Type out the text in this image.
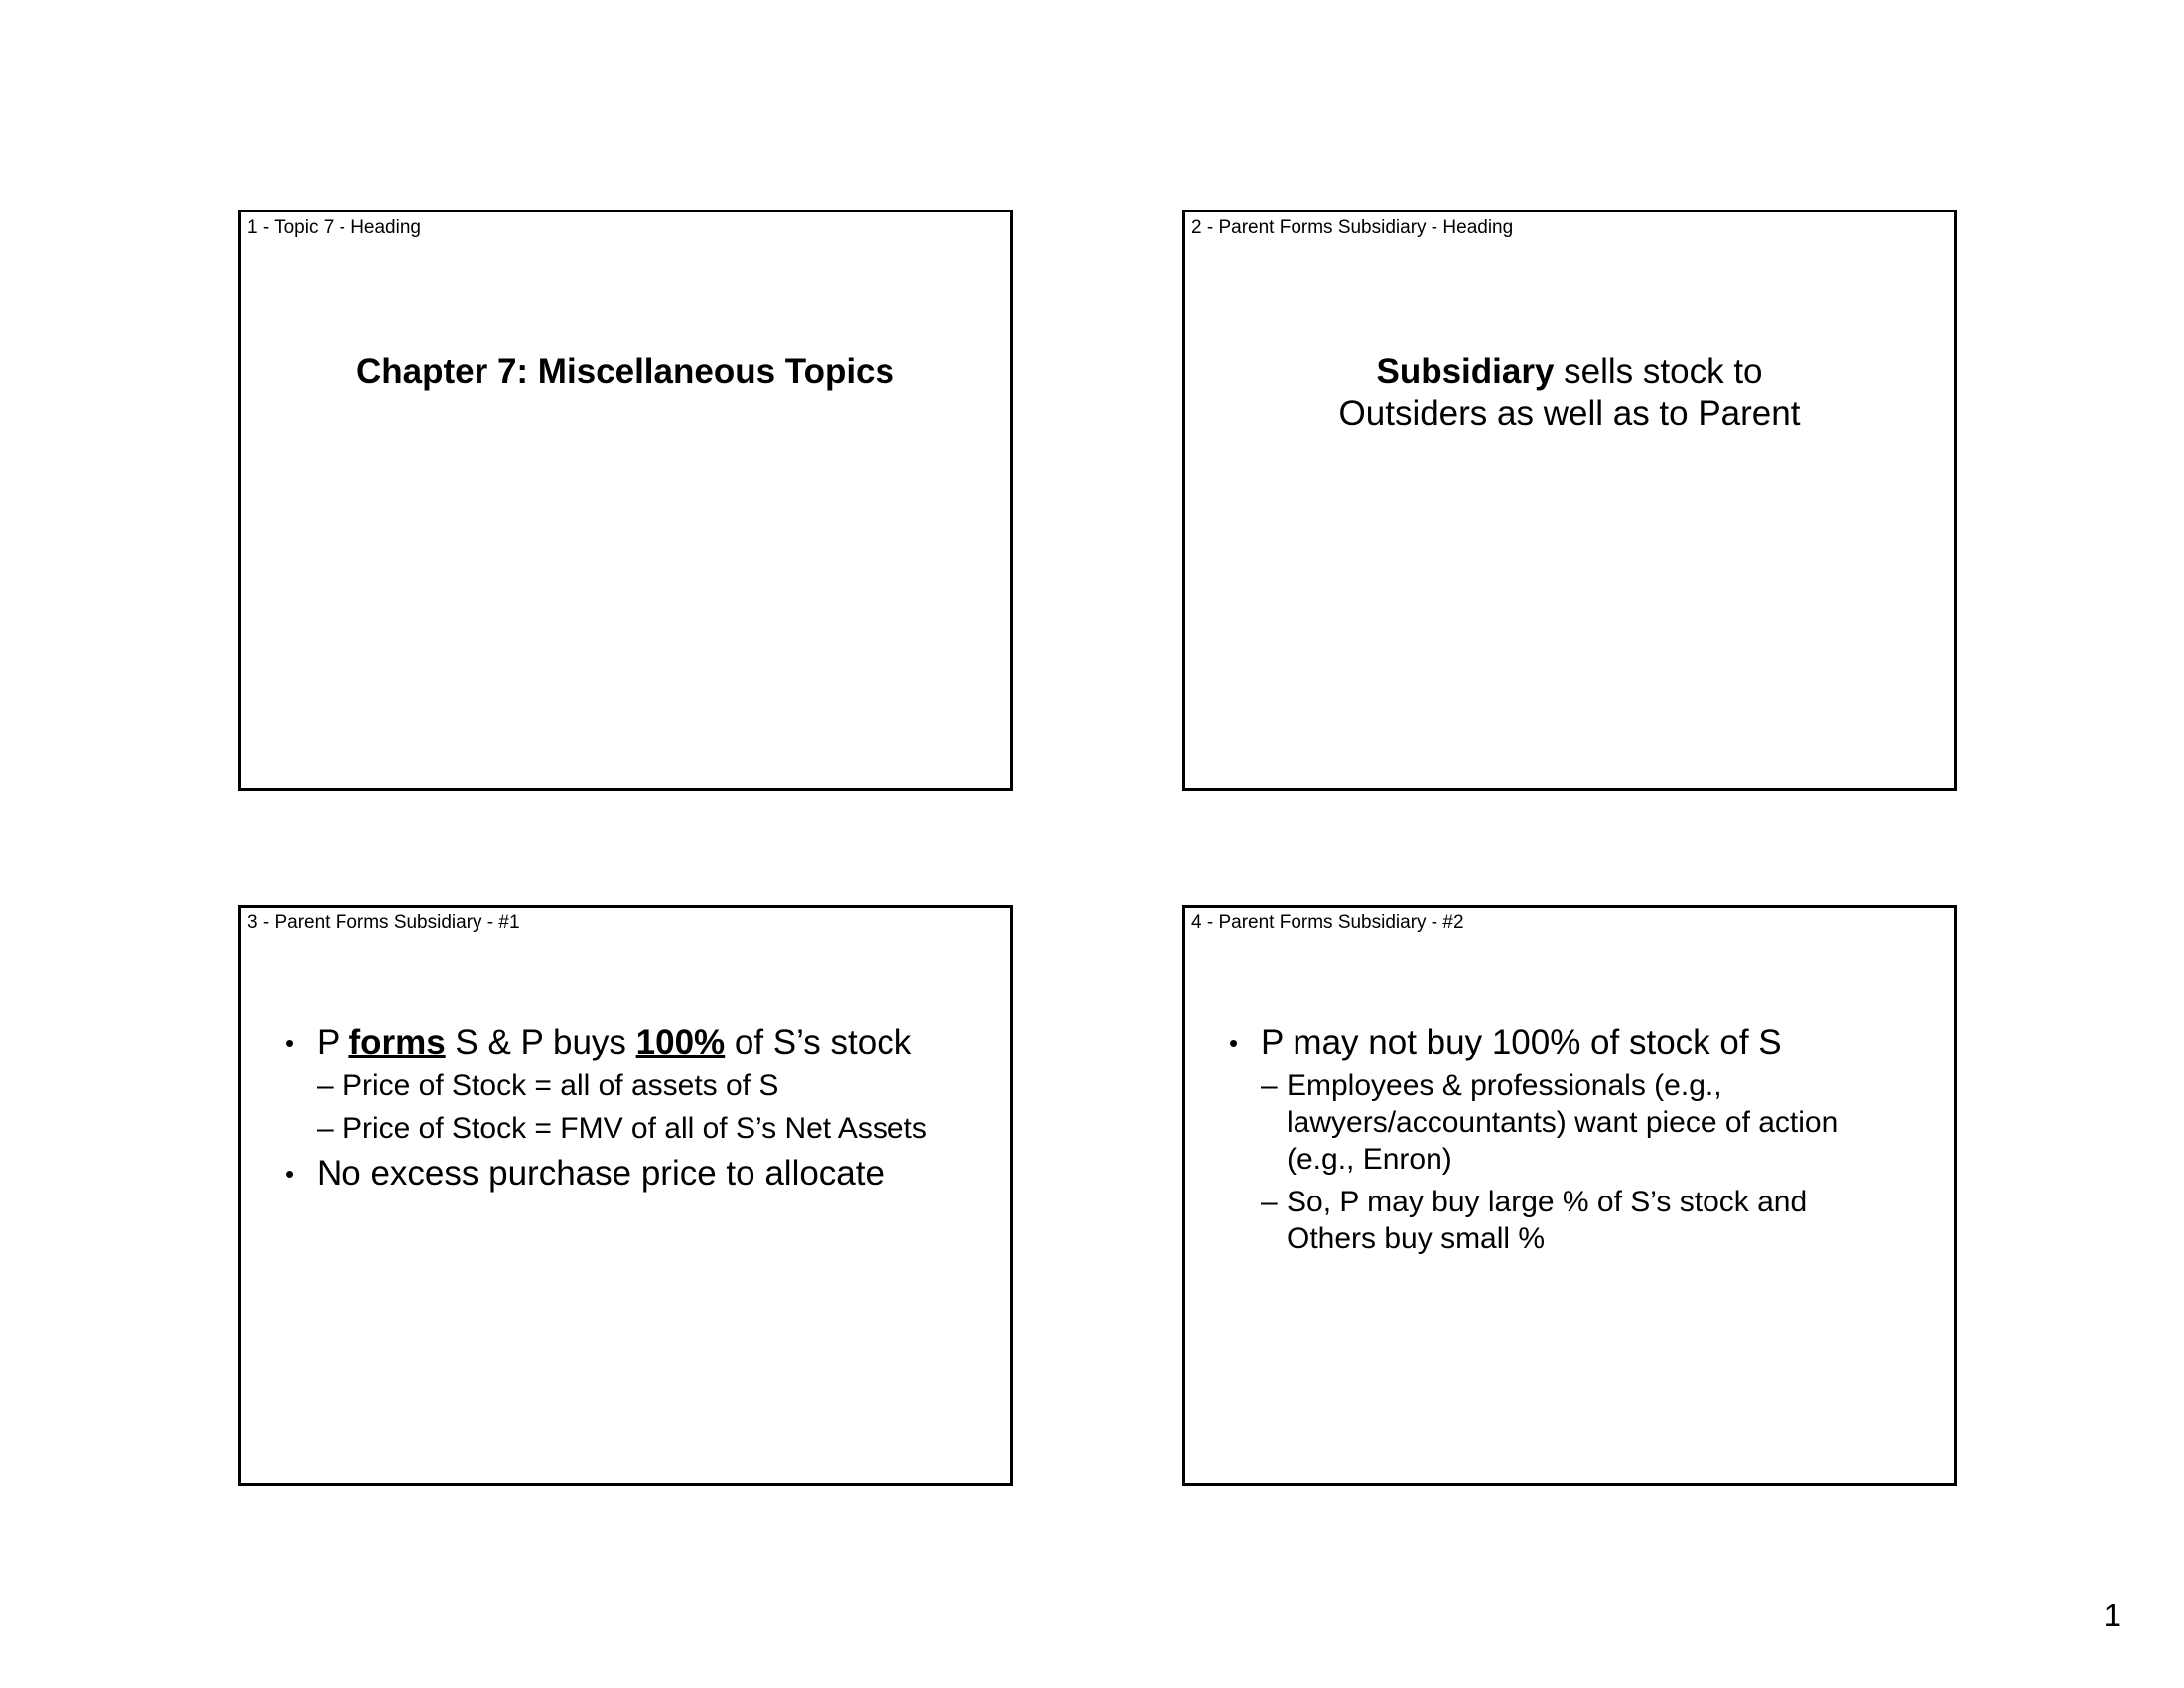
1 - Topic 7 - Heading
Chapter 7: Miscellaneous Topics
2 - Parent Forms Subsidiary - Heading
Subsidiary sells stock to
Outsiders as well as to Parent
3 - Parent Forms Subsidiary - #1
• P forms S & P buys 100% of S’s stock
– Price of Stock = all of assets of S
– Price of Stock = FMV of all of S’s Net Assets
• No excess purchase price to allocate
4 - Parent Forms Subsidiary - #2
• P may not buy 100% of stock of S
– Employees & professionals (e.g., lawyers/accountants) want piece of action (e.g., Enron)
– So, P may buy large % of S’s stock and Others buy small %
1
